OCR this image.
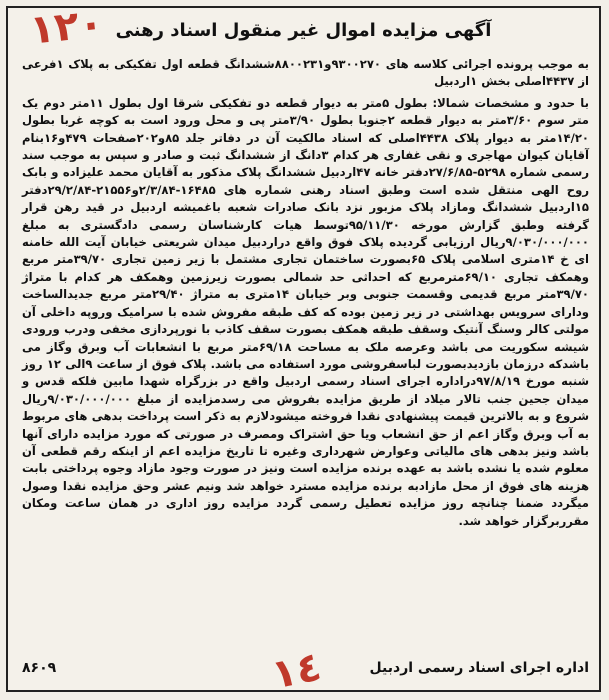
١٢٠ آگهی مزایده اموال غیر منقول اسناد رهنی

به موجب پرونده اجرائی کلاسه های ۹۳۰۰۲۷۰و۸۸۰۰۲۳۱ششدانگ قطعه اول تفکیکی به پلاک ۱فرعی از ۴۴۳۷اصلی بخش ۱اردبیل

با حدود و مشخصات شمالا: بطول ۵متر به دیوار قطعه دو تفکیکی شرقا اول بطول ۱۱متر دوم یک متر سوم ۳/۶۰متر به دیوار قطعه ۲جنوبا بطول ۳/۹۰متر پی و محل ورود است به کوچه غربا بطول ۱۴/۲۰متر به دیوار پلاک ۴۴۳۸اصلی که اسناد مالکیت آن در دفاتر جلد ۸۵و۲۰۲صفحات ۴۷۹و۱۶بنام آقایان کیوان مهاجری و نقی غفاری هر کدام ۳دانگ از ششدانگ ثبت و صادر و سپس به موجب سند رسمی شماره ۵۲۹۸-۲۷/۶/۸۵دفتر خانه ۴۷اردبیل ششدانگ پلاک مذکور به آقایان محمد علیزاده و بابک روح الهی منتقل شده است وطبق اسناد رهنی شماره های ۱۶۴۸۵-۲/۳/۸۴و۲۱۵۵۶-۲۹/۲/۸۴دفتر ۱۵اردبیل ششدانگ ومازاد پلاک مزبور نزد بانک صادرات شعبه باغمیشه اردبیل در قید رهن قرار گرفته وطبق گزارش مورخه ۹۵/۱۱/۳۰توسط هیات کارشناسان رسمی دادگستری به مبلغ ۹/۰۳۰/۰۰۰/۰۰۰ریال ارزیابی گردیده پلاک فوق واقع دراردبیل میدان شریعتی خیابان آیت الله خامنه ای خ ۱۴متری اسلامی پلاک ۶۵بصورت ساختمان تجاری مشتمل با زیر زمین تجاری ۳۹/۷۰متر مربع وهمکف تجاری ۶۹/۱۰مترمربع که احداثی حد شمالی بصورت زیرزمین وهمکف هر کدام با متراژ ۳۹/۷۰متر مربع قدیمی وقسمت جنوبی وبر خیابان ۱۴متری به متراژ ۲۹/۴۰متر مربع جدیدالساخت ودارای سرویس بهداشتی در زیر زمین بوده که کف طبقه مفروش شده با سرامیک وروپه داخلی آن مولتی کالر وسنگ آنتیک وسقف طبقه همکف بصورت سقف کاذب با نورپردازی مخفی ودرب ورودی شیشه سکوریت می باشد وعرصه ملک به مساحت ۶۹/۱۸متر مربع با انشعابات آب وبرق وگاز می باشدکه درزمان بازدیدبصورت لباسفروشی مورد استفاده می باشد. پلاک فوق از ساعت ۹الی ۱۲ روز شنبه مورخ ۹۷/۸/۱۹دراداره اجرای اسناد رسمی اردبیل واقع در بزرگراه شهدا مابین فلکه قدس و میدان جحین جنب تالار میلاد از طریق مزایده بفروش می رسدمزایده از مبلغ ۹/۰۳۰/۰۰۰/۰۰۰ریال شروع و به بالاترین قیمت پیشنهادی نقدا فروخته میشودلازم به ذکر است پرداخت بدهی های مربوط به آب وبرق وگاز اعم از حق انشعاب ویا حق اشتراک ومصرف در صورتی که مورد مزایده دارای آنها باشد ونیز بدهی های مالیاتی وعوارض شهرداری وغیره تا تاریخ مزایده اعم از اینکه رقم قطعی آن معلوم شده یا نشده باشد به عهده برنده مزایده است ونیز در صورت وجود مازاد وجوه پرداختی بابت هزینه های فوق از محل مازادبه برنده مزایده مسترد خواهد شد ونیم عشر وحق مزایده نقدا وصول میگردد ضمنا چنانچه روز مزایده تعطیل رسمی گردد مزایده روز اداری در همان ساعت ومکان مقرربرگزار خواهد شد.

اداره اجرای اسناد رسمی اردبیل
۸۶۰۹	١٤
